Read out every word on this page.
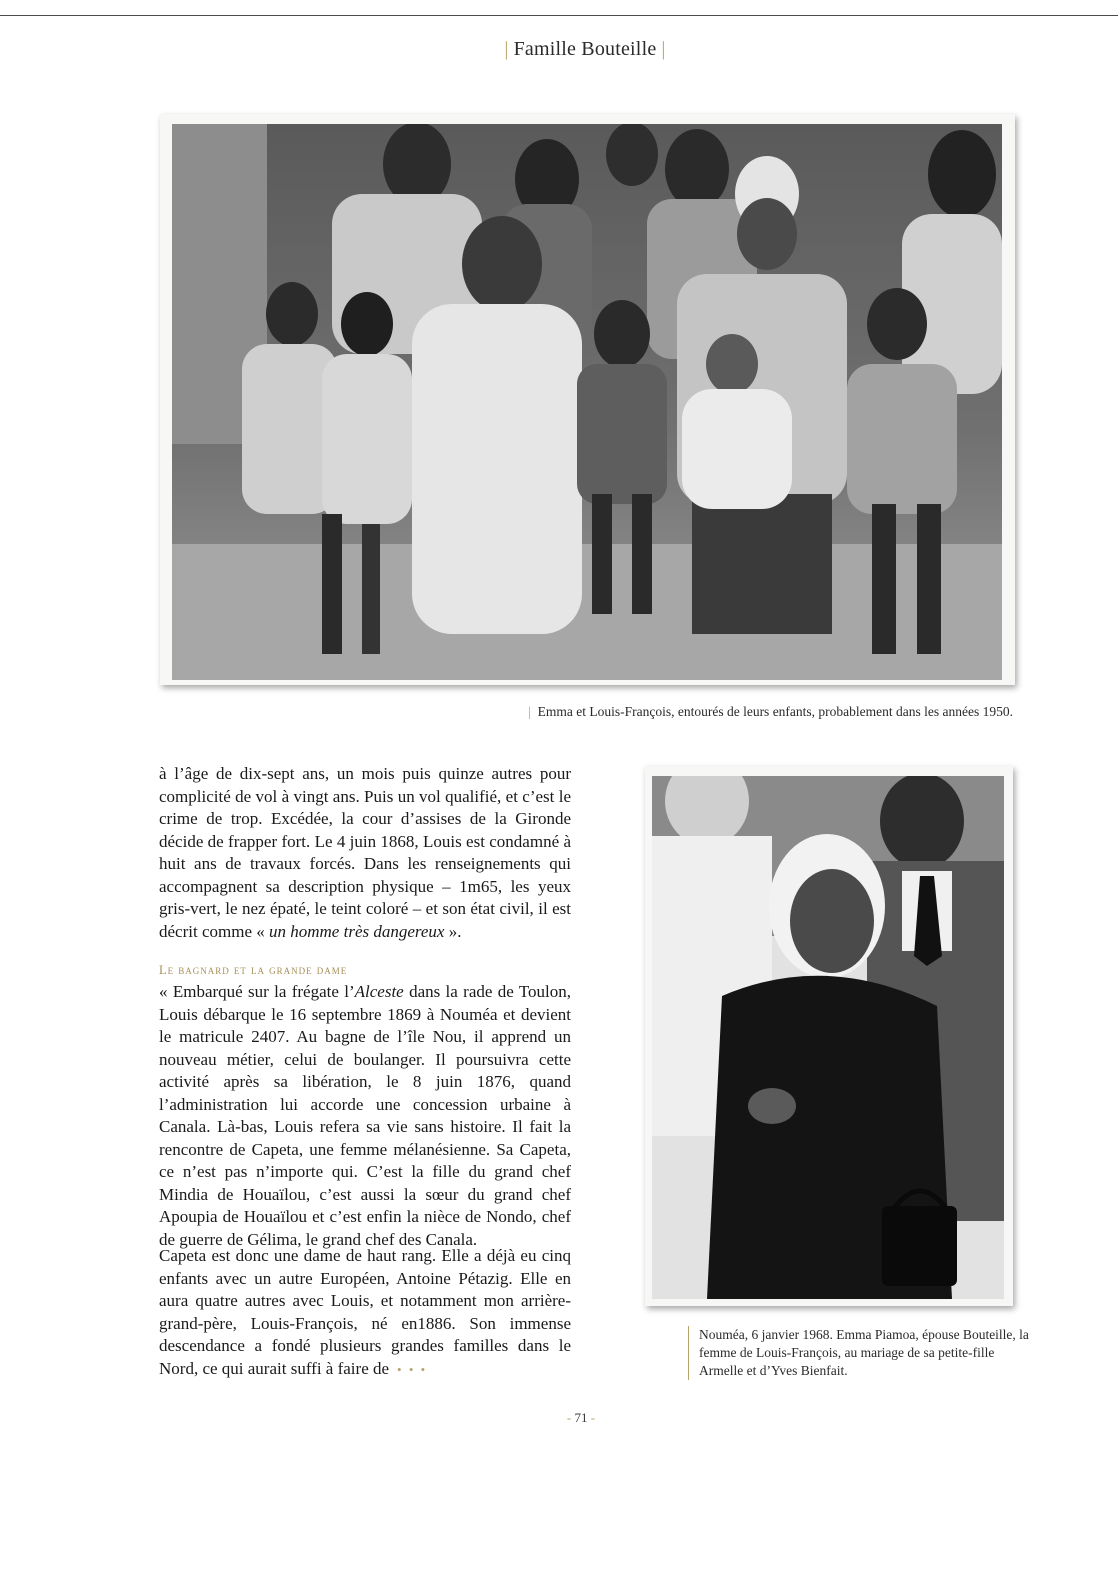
| Famille Bouteille |
| Emma et Louis-François, entourés de leurs enfants, probablement dans les années 1950.

à l’âge de dix-sept ans, un mois puis quinze autres pour complicité de vol à vingt ans. Puis un vol qualifié, et c’est le crime de trop. Excédée, la cour d’assises de la Gironde décide de frapper fort. Le 4 juin 1868, Louis est condamné à huit ans de travaux forcés. Dans les renseignements qui accompagnent sa description physique – 1m65, les yeux gris-vert, le nez épaté, le teint coloré – et son état civil, il est décrit comme « un homme très dangereux ».

Le bagnard et la grande dame

« Embarqué sur la frégate l’Alceste dans la rade de Toulon, Louis débarque le 16 septembre 1869 à Nouméa et devient le matricule 2407. Au bagne de l’île Nou, il apprend un nouveau métier, celui de boulanger. Il poursuivra cette activité après sa libération, le 8 juin 1876, quand l’administration lui accorde une concession urbaine à Canala. Là-bas, Louis refera sa vie sans histoire. Il fait la rencontre de Capeta, une femme mélanésienne. Sa Capeta, ce n’est pas n’importe qui. C’est la fille du grand chef Mindia de Houaïlou, c’est aussi la sœur du grand chef Apoupia de Houaïlou et c’est enfin la nièce de Nondo, chef de guerre de Gélima, le grand chef des Canala.

Capeta est donc une dame de haut rang. Elle a déjà eu cinq enfants avec un autre Européen, Antoine Pétazig. Elle en aura quatre autres avec Louis, et notamment mon arrière-grand-père, Louis-François, né en1886. Son immense descendance a fondé plusieurs grandes familles dans le Nord, ce qui aurait suffi à faire de • • •

Nouméa, 6 janvier 1968. Emma Piamoa, épouse Bouteille, la femme de Louis-François, au mariage de sa petite-fille Armelle et d’Yves Bienfait.
- 71 -
